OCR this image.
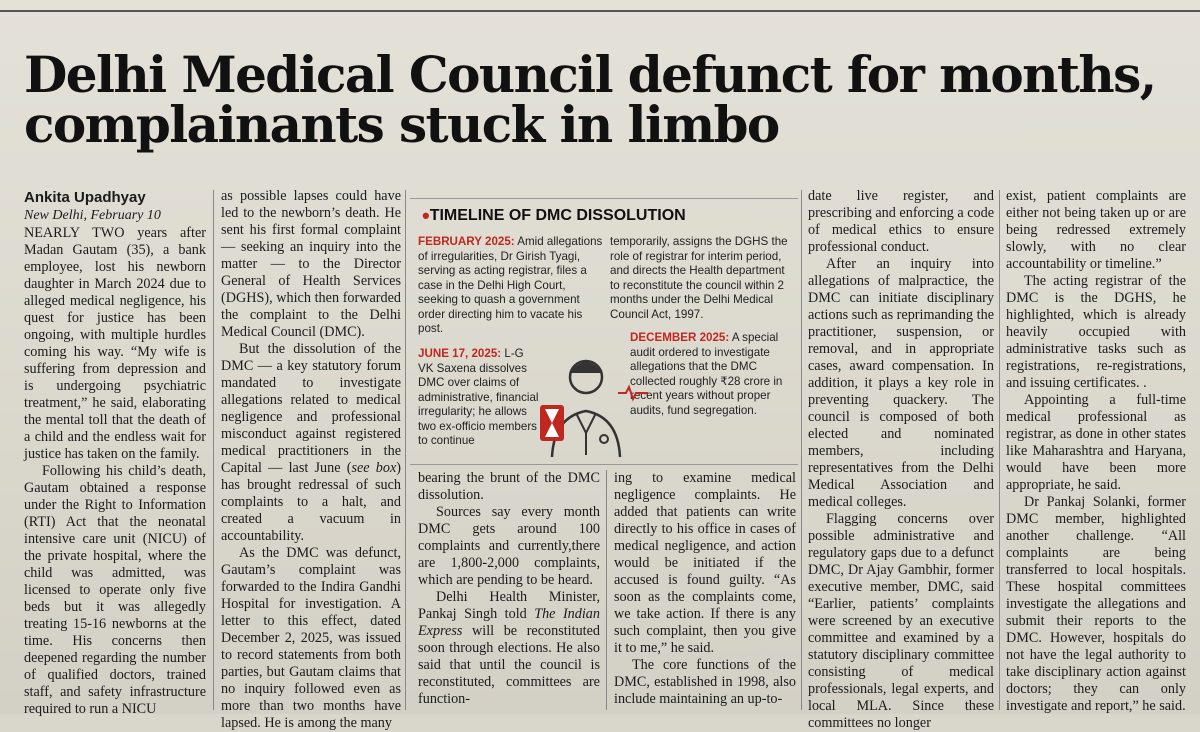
Delhi Medical Council defunct for months, complainants stuck in limbo
Ankita Upadhyay
New Delhi, February 10

NEARLY TWO years after Madan Gautam (35), a bank employee, lost his newborn daughter in March 2024 due to alleged medical negligence, his quest for justice has been ongoing, with multiple hurdles coming his way. “My wife is suffering from depression and is undergoing psychiatric treatment,” he said, elaborating the mental toll that the death of a child and the endless wait for justice has taken on the family.

Following his child’s death, Gautam obtained a response under the Right to Information (RTI) Act that the neonatal intensive care unit (NICU) of the private hospital, where the child was admitted, was licensed to operate only five beds but it was allegedly treating 15-16 newborns at the time. His concerns then deepened regarding the number of qualified doctors, trained staff, and safety infrastructure required to run a NICU

as possible lapses could have led to the newborn’s death. He sent his first formal complaint — seeking an inquiry into the matter — to the Director General of Health Services (DGHS), which then forwarded the complaint to the Delhi Medical Council (DMC).

But the dissolution of the DMC — a key statutory forum mandated to investigate allegations related to medical negligence and professional misconduct against registered medical practitioners in the Capital — last June (see box) has brought redressal of such complaints to a halt, and created a vacuum in accountability.

As the DMC was defunct, Gautam’s complaint was forwarded to the Indira Gandhi Hospital for investigation. A letter to this effect, dated December 2, 2025, was issued to record statements from both parties, but Gautam claims that no inquiry followed even as more than two months have lapsed. He is among the many

•TIMELINE OF DMC DISSOLUTION
FEBRUARY 2025: Amid allegations of irregularities, Dr Girish Tyagi, serving as acting registrar, files a case in the Delhi High Court, seeking to quash a government order directing him to vacate his post.
temporarily, assigns the DGHS the role of registrar for interim period, and directs the Health department to reconstitute the council within 2 months under the Delhi Medical Council Act, 1997.
JUNE 17, 2025: L-G VK Saxena dissolves DMC over claims of administrative, financial irregularity; he allows two ex-officio members to continue
DECEMBER 2025: A special audit ordered to investigate allegations that the DMC collected roughly ₹28 crore in recent years without proper audits, fund segregation.

bearing the brunt of the DMC dissolution.

Sources say every month DMC gets around 100 complaints and currently,there are 1,800-2,000 complaints, which are pending to be heard.

Delhi Health Minister, Pankaj Singh told The Indian Express will be reconstituted soon through elections. He also said that until the council is reconstituted, committees are function-

ing to examine medical negligence complaints. He added that patients can write directly to his office in cases of medical negligence, and action would be initiated if the accused is found guilty. “As soon as the complaints come, we take action. If there is any such complaint, then you give it to me,” he said.

The core functions of the DMC, established in 1998, also include maintaining an up-to-

date live register, and prescribing and enforcing a code of medical ethics to ensure professional conduct.

After an inquiry into allegations of malpractice, the DMC can initiate disciplinary actions such as reprimanding the practitioner, suspension, or removal, and in appropriate cases, award compensation. In addition, it plays a key role in preventing quackery. The council is composed of both elected and nominated members, including representatives from the Delhi Medical Association and medical colleges.

Flagging concerns over possible administrative and regulatory gaps due to a defunct DMC, Dr Ajay Gambhir, former executive member, DMC, said “Earlier, patients’ complaints were screened by an executive committee and examined by a statutory disciplinary committee consisting of medical professionals, legal experts, and local MLA. Since these committees no longer

exist, patient complaints are either not being taken up or are being redressed extremely slowly, with no clear accountability or timeline.”

The acting registrar of the DMC is the DGHS, he highlighted, which is already heavily occupied with administrative tasks such as registrations, re-registrations, and issuing certificates. .

Appointing a full-time medical professional as registrar, as done in other states like Maharashtra and Haryana, would have been more appropriate, he said.

Dr Pankaj Solanki, former DMC member, highlighted another challenge. “All complaints are being transferred to local hospitals. These hospital committees investigate the allegations and submit their reports to the DMC. However, hospitals do not have the legal authority to take disciplinary action against doctors; they can only investigate and report,” he said.
